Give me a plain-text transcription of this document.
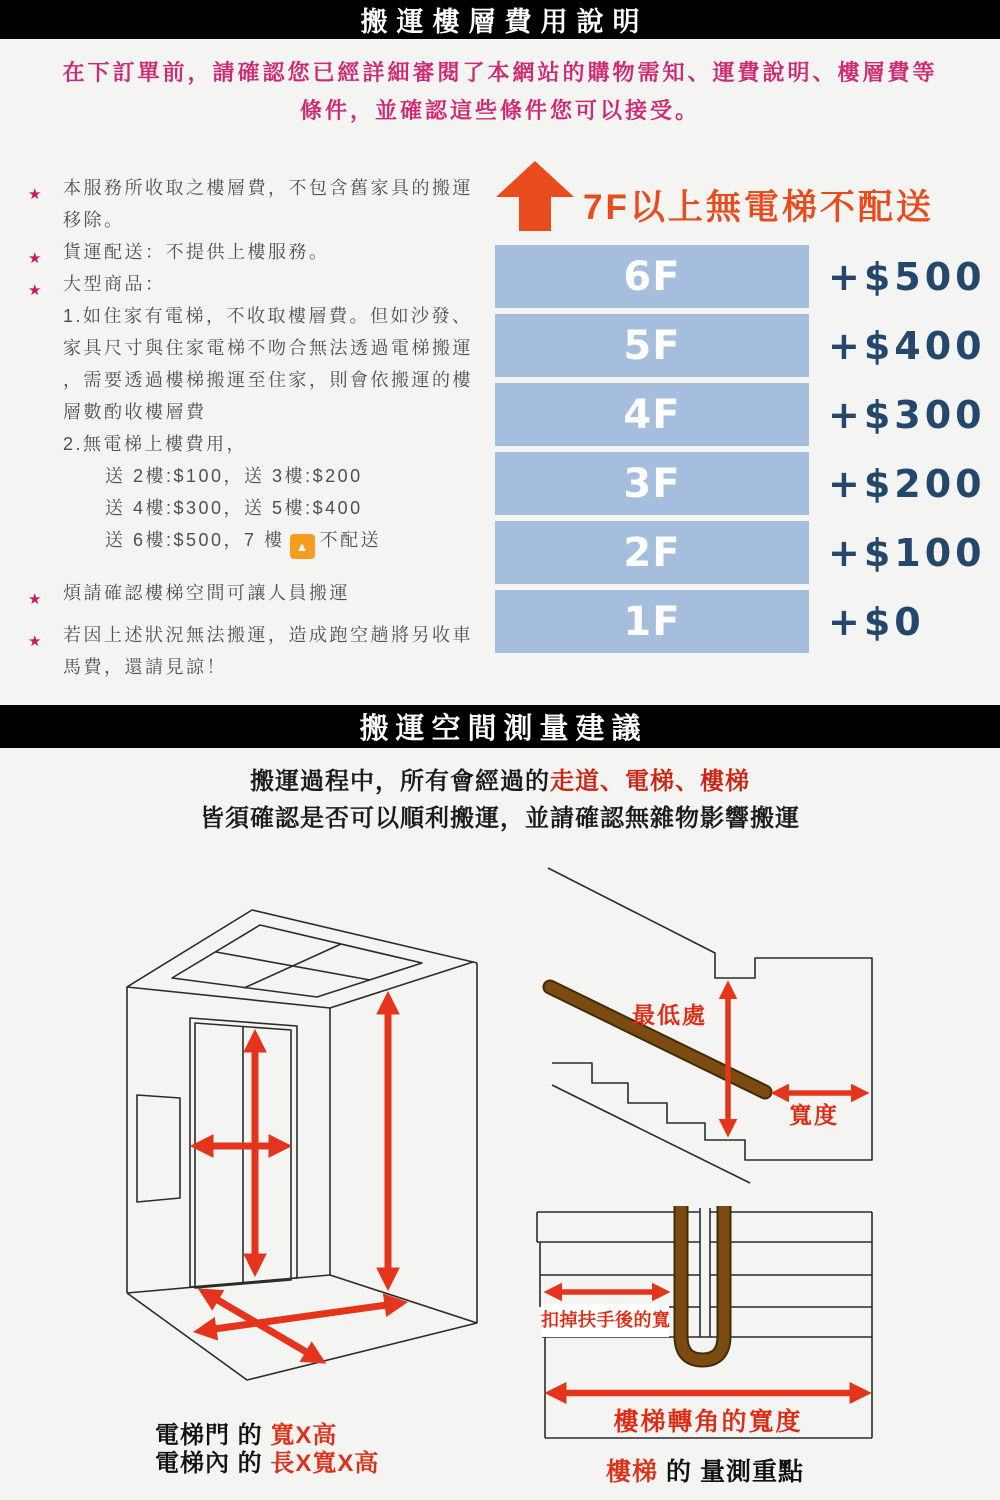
搬運樓層費用說明
在下訂單前，請確認您已經詳細審閱了本網站的購物需知、運費說明、樓層費等
條件，並確認這些條件您可以接受。
★ 本服務所收取之樓層費，不包含舊家具的搬運移除。

★ 貨運配送：不提供上樓服務。

★ 大型商品：

1.如住家有電梯，不收取樓層費。但如沙發、家具尺寸與住家電梯不吻合無法透過電梯搬運，需要透過樓梯搬運至住家，則會依搬運的樓層數酌收樓層費

2.無電梯上樓費用，

送 2樓:$100，送 3樓:$200

送 4樓:$300，送 5樓:$400

送 6樓:$500，7 樓 ▲ 不配送

★ 煩請確認樓梯空間可讓人員搬運

★ 若因上述狀況無法搬運，造成跑空趟將另收車馬費，還請見諒！

7F以上無電梯不配送
6F	+$500
5F	+$400
4F	+$300
3F	+$200
2F	+$100
1F	+$0
搬運空間測量建議
搬運過程中，所有會經過的走道、電梯、樓梯
皆須確認是否可以順利搬運，並請確認無雜物影響搬運
最低處
寬度
扣掉扶手後的寬
樓梯轉角的寬度
電梯門 的 寬X高
電梯內 的 長X寬X高	樓梯 的 量測重點
